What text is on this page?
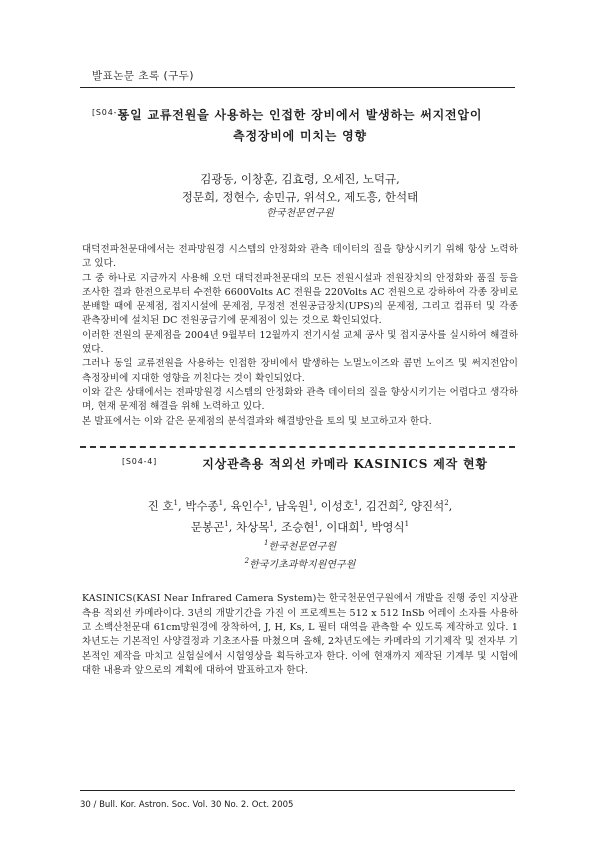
발표논문 초록 (구두)
[S04-3]
동일 교류전원을 사용하는 인접한 장비에서 발생하는 써지전압이
측정장비에 미치는 영향
김광동, 이창훈, 김효령, 오세진, 노덕규,
정문희, 정현수, 송민규, 위석오, 제도흥, 한석태
한국천문연구원

대덕전파천문대에서는 전파망원경 시스템의 안정화와 관측 데이터의 질을 향상시키기 위해 항상 노력하고 있다.

그 중 하나로 지금까지 사용해 오던 대덕전파천문대의 모든 전원시설과 전원장치의 안정화와 품질 등을 조사한 결과 한전으로부터 수전한 6600Volts AC 전원을 220Volts AC 전원으로 강하하여 각종 장비로 분배할 때에 문제점, 접지시설에 문제점, 무정전 전원공급장치(UPS)의 문제점, 그리고 컴퓨터 및 각종 관측장비에 설치된 DC 전원공급기에 문제점이 있는 것으로 확인되었다.

이러한 전원의 문제점을 2004년 9월부터 12월까지 전기시설 교체 공사 및 접지공사를 실시하여 해결하였다.

그러나 동일 교류전원을 사용하는 인접한 장비에서 발생하는 노멀노이즈와 콤먼 노이즈 및 써지전압이 측정장비에 지대한 영향을 끼친다는 것이 확인되었다.

이와 같은 상태에서는 전파망원경 시스템의 안정화와 관측 데이터의 질을 향상시키기는 어렵다고 생각하며, 현재 문제점 해결을 위해 노력하고 있다.

본 발표에서는 이와 같은 문제점의 분석결과와 해결방안을 토의 및 보고하고자 한다.

[S04-4]	지상관측용 적외선 카메라 KASINICS 제작 현황
진 호$^1$, 박수종$^1$, 육인수$^1$, 남욱원$^1$, 이성호$^1$, 김건희$^2$, 양진석$^2$,
문봉곤$^1$, 차상목$^1$, 조승현$^1$, 이대희$^1$, 박영식$^1$
$^1$한국천문연구원
$^2$한국기초과학지원연구원

KASINICS(KASI Near Infrared Camera System)는 한국천문연구원에서 개발을 진행 중인 지상관측용 적외선 카메라이다. 3년의 개발기간을 가진 이 프로젝트는 512 x 512 InSb 어레이 소자를 사용하고 소백산천문대 61cm망원경에 장착하여, J, H, Ks, L 필터 대역을 관측할 수 있도록 제작하고 있다. 1차년도는 기본적인 사양결정과 기초조사를 마쳤으며 올해, 2차년도에는 카메라의 기기제작 및 전자부 기본적인 제작을 마치고 실험실에서 시험영상을 획득하고자 한다. 이에 현재까지 제작된 기계부 및 시험에 대한 내용과 앞으로의 계획에 대하여 발표하고자 한다.

30 / Bull. Kor. Astron. Soc. Vol. 30 No. 2. Oct. 2005
